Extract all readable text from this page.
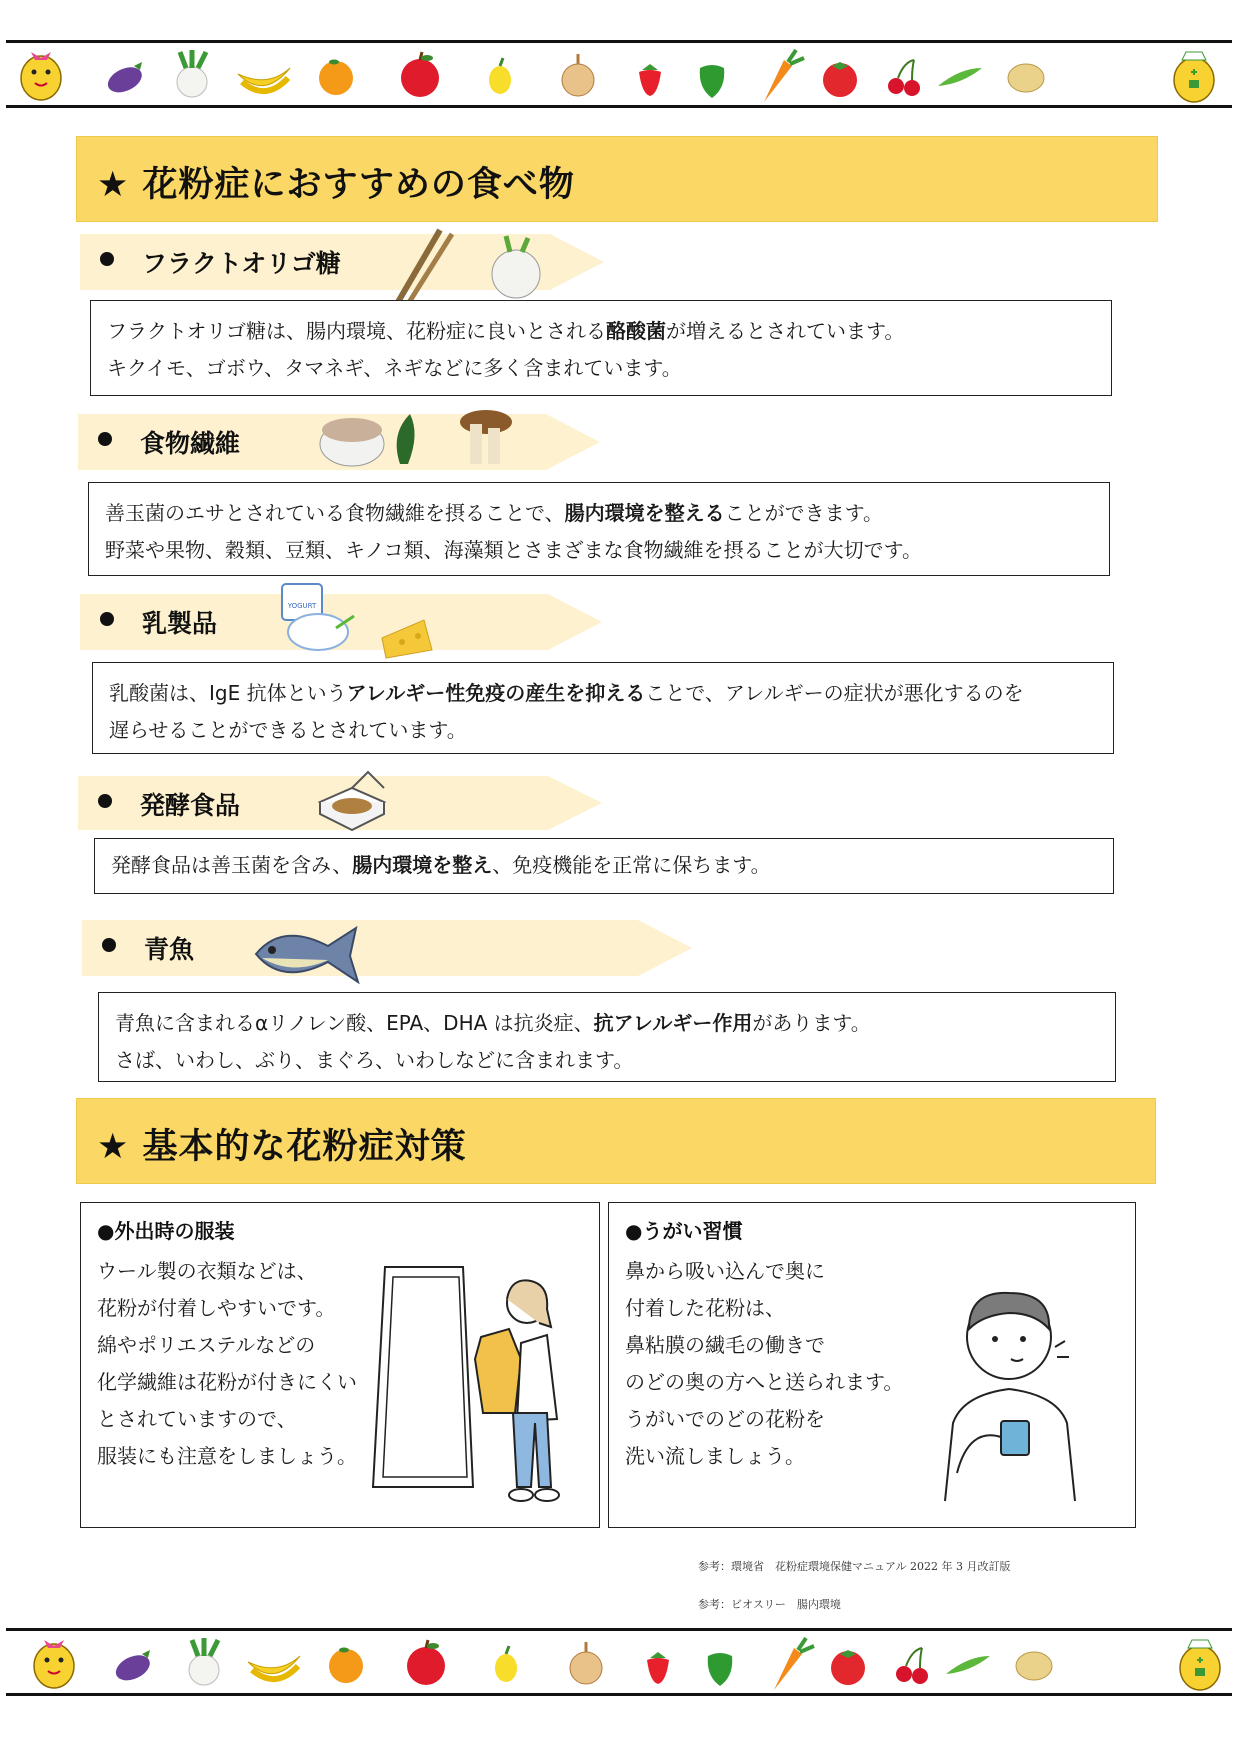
★ 花粉症におすすめの食べ物
フラクトオリゴ糖

フラクトオリゴ糖は、腸内環境、花粉症に良いとされる酪酸菌が増えるとされています。

キクイモ、ゴボウ、タマネギ、ネギなどに多く含まれています。

食物繊維

善玉菌のエサとされている食物繊維を摂ることで、腸内環境を整えることができます。

野菜や果物、穀類、豆類、キノコ類、海藻類とさまざまな食物繊維を摂ることが大切です。

乳製品
YOGURT

乳酸菌は、IgE 抗体というアレルギー性免疫の産生を抑えることで、アレルギーの症状が悪化するのを

遅らせることができるとされています。

発酵食品

発酵食品は善玉菌を含み、腸内環境を整え、免疫機能を正常に保ちます。

青魚

青魚に含まれるαリノレン酸、EPA、DHA は抗炎症、抗アレルギー作用があります。

さば、いわし、ぶり、まぐろ、いわしなどに含まれます。

★ 基本的な花粉症対策
●外出時の服装
ウール製の衣類などは、
花粉が付着しやすいです。
綿やポリエステルなどの
化学繊維は花粉が付きにくい
とされていますので、
服装にも注意をしましょう。
●うがい習慣
鼻から吸い込んで奥に
付着した花粉は、
鼻粘膜の繊毛の働きで
のどの奥の方へと送られます。
うがいでのどの花粉を
洗い流しましょう。
参考：環境省　花粉症環境保健マニュアル 2022 年 3 月改訂版
参考：ビオスリー　腸内環境
